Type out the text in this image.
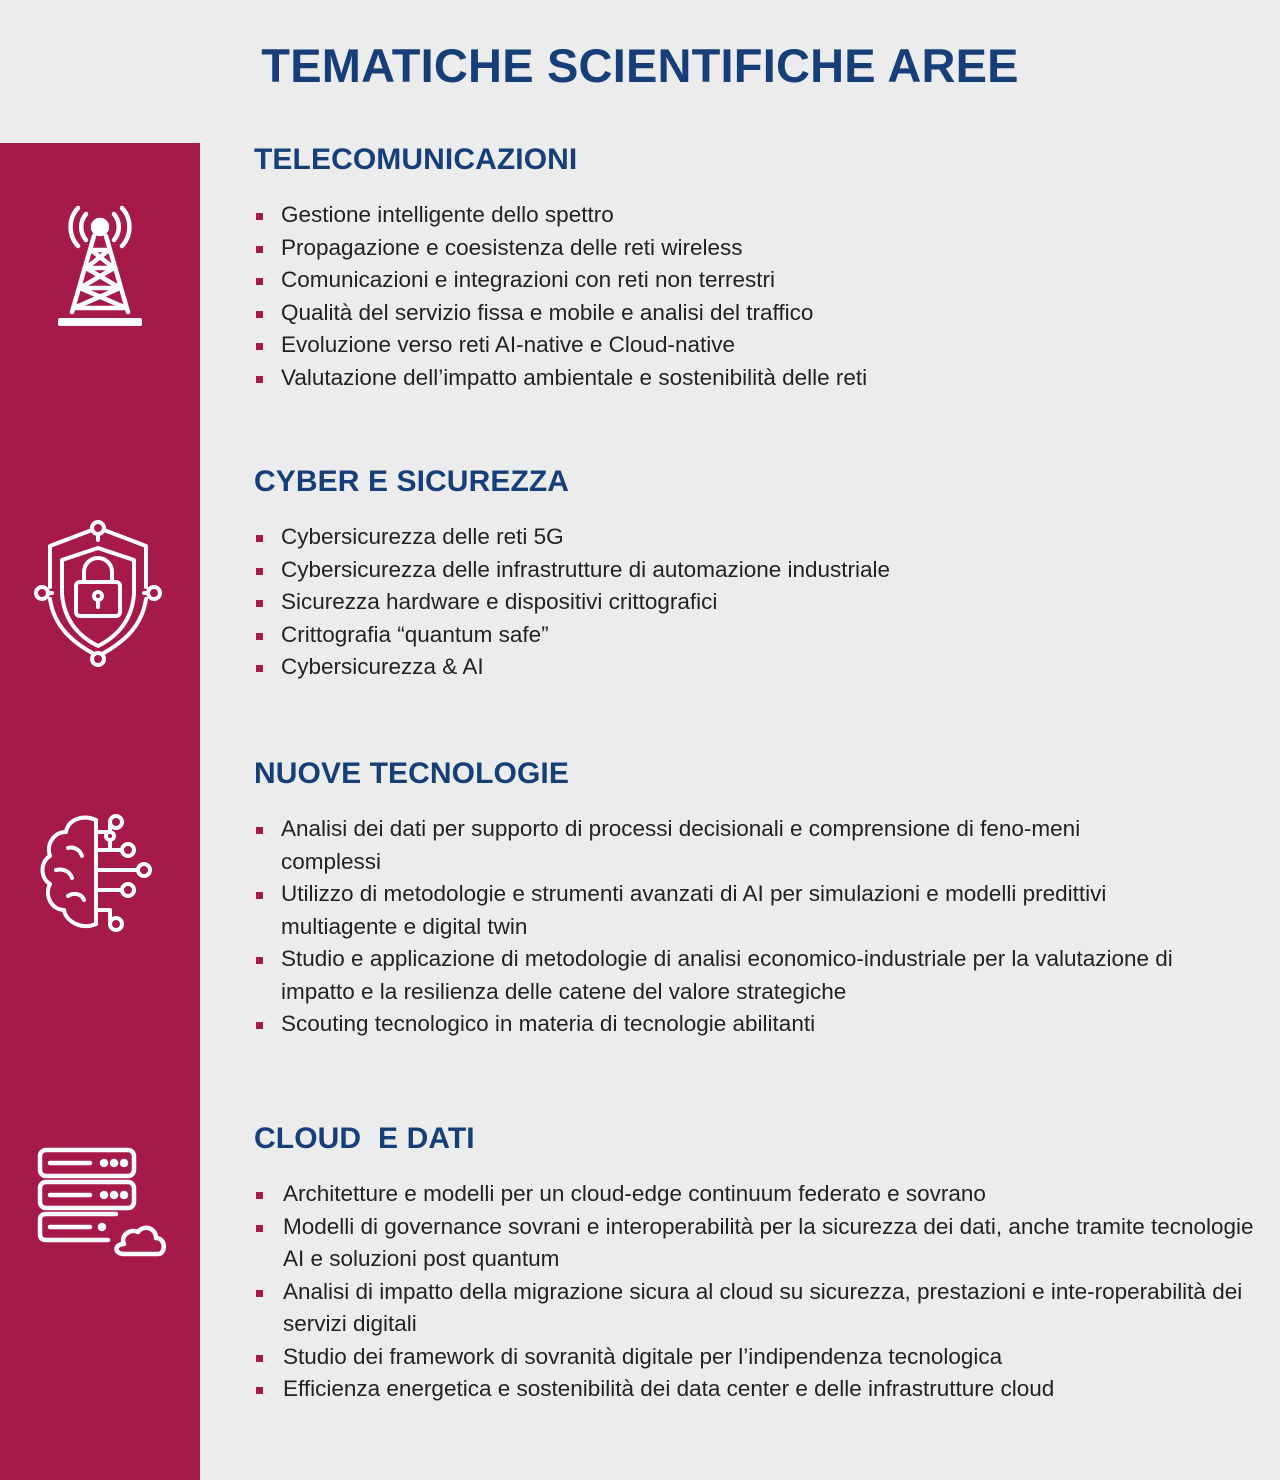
TEMATICHE SCIENTIFICHE AREE
TELECOMUNICAZIONI
Gestione intelligente dello spettro
Propagazione e coesistenza delle reti wireless
Comunicazioni e integrazioni con reti non terrestri
Qualità del servizio fissa e mobile e analisi del traffico
Evoluzione verso reti AI-native e Cloud-native
Valutazione dell’impatto ambientale e sostenibilità delle reti
CYBER E SICUREZZA
Cybersicurezza delle reti 5G
Cybersicurezza delle infrastrutture di automazione industriale
Sicurezza hardware e dispositivi crittografici
Crittografia “quantum safe”
Cybersicurezza & AI
NUOVE TECNOLOGIE
Analisi dei dati per supporto di processi decisionali e comprensione di feno-meni complessi
Utilizzo di metodologie e strumenti avanzati di AI per simulazioni e modelli predittivi multiagente e digital twin
Studio e applicazione di metodologie di analisi economico-industriale per la valutazione di impatto e la resilienza delle catene del valore strategiche
Scouting tecnologico in materia di tecnologie abilitanti
CLOUD  E DATI
Architetture e modelli per un cloud-edge continuum federato e sovrano
Modelli di governance sovrani e interoperabilità per la sicurezza dei dati, anche tramite tecnologie AI e soluzioni post quantum
Analisi di impatto della migrazione sicura al cloud su sicurezza, prestazioni e inte-roperabilità dei servizi digitali
Studio dei framework di sovranità digitale per l’indipendenza tecnologica
Efficienza energetica e sostenibilità dei data center e delle infrastrutture cloud
